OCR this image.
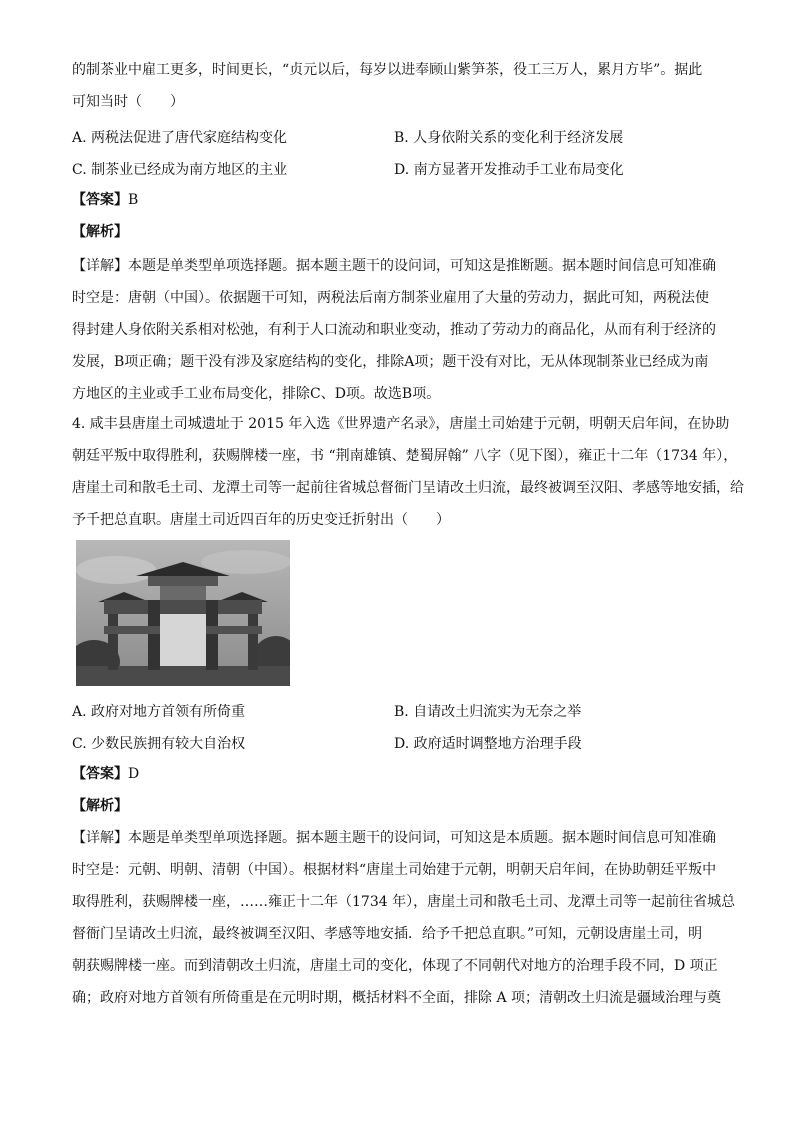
的制茶业中雇工更多，时间更长，“贞元以后，每岁以进奉顾山紫笋茶，役工三万人，累月方毕”。据此
可知当时（　　）
A. 两税法促进了唐代家庭结构变化	B. 人身依附关系的变化利于经济发展
C. 制茶业已经成为南方地区的主业	D. 南方显著开发推动手工业布局变化
【答案】B
【解析】
【详解】本题是单类型单项选择题。据本题主题干的设问词，可知这是推断题。据本题时间信息可知准确
时空是：唐朝（中国）。依据题干可知，两税法后南方制茶业雇用了大量的劳动力，据此可知，两税法使
得封建人身依附关系相对松弛，有利于人口流动和职业变动，推动了劳动力的商品化，从而有利于经济的
发展，B项正确；题干没有涉及家庭结构的变化，排除A项；题干没有对比，无从体现制茶业已经成为南
方地区的主业或手工业布局变化，排除C、D项。故选B项。
4. 咸丰县唐崖土司城遗址于 2015 年入选《世界遗产名录》，唐崖土司始建于元朝，明朝天启年间，在协助
朝廷平叛中取得胜利，获赐牌楼一座，书 “荆南雄镇、楚蜀屏翰” 八字（见下图），雍正十二年（1734 年），
唐崖土司和散毛土司、龙潭土司等一起前往省城总督衙门呈请改土归流，最终被调至汉阳、孝感等地安插，给
予千把总直职。唐崖土司近四百年的历史变迁折射出（　　）
A. 政府对地方首领有所倚重	B. 自请改土归流实为无奈之举
C. 少数民族拥有较大自治权	D. 政府适时调整地方治理手段
【答案】D
【解析】
【详解】本题是单类型单项选择题。据本题主题干的设问词，可知这是本质题。据本题时间信息可知准确
时空是：元朝、明朝、清朝（中国）。根据材料“唐崖土司始建于元朝，明朝天启年间，在协助朝廷平叛中
取得胜利，获赐牌楼一座，……雍正十二年（1734 年），唐崖土司和散毛土司、龙潭土司等一起前往省城总
督衙门呈请改土归流，最终被调至汉阳、孝感等地安插．给予千把总直职。”可知，元朝设唐崖土司，明
朝获赐牌楼一座。而到清朝改土归流，唐崖土司的变化，体现了不同朝代对地方的治理手段不同，D 项正
确；政府对地方首领有所倚重是在元明时期，概括材料不全面，排除 A 项；清朝改土归流是疆域治理与奠
